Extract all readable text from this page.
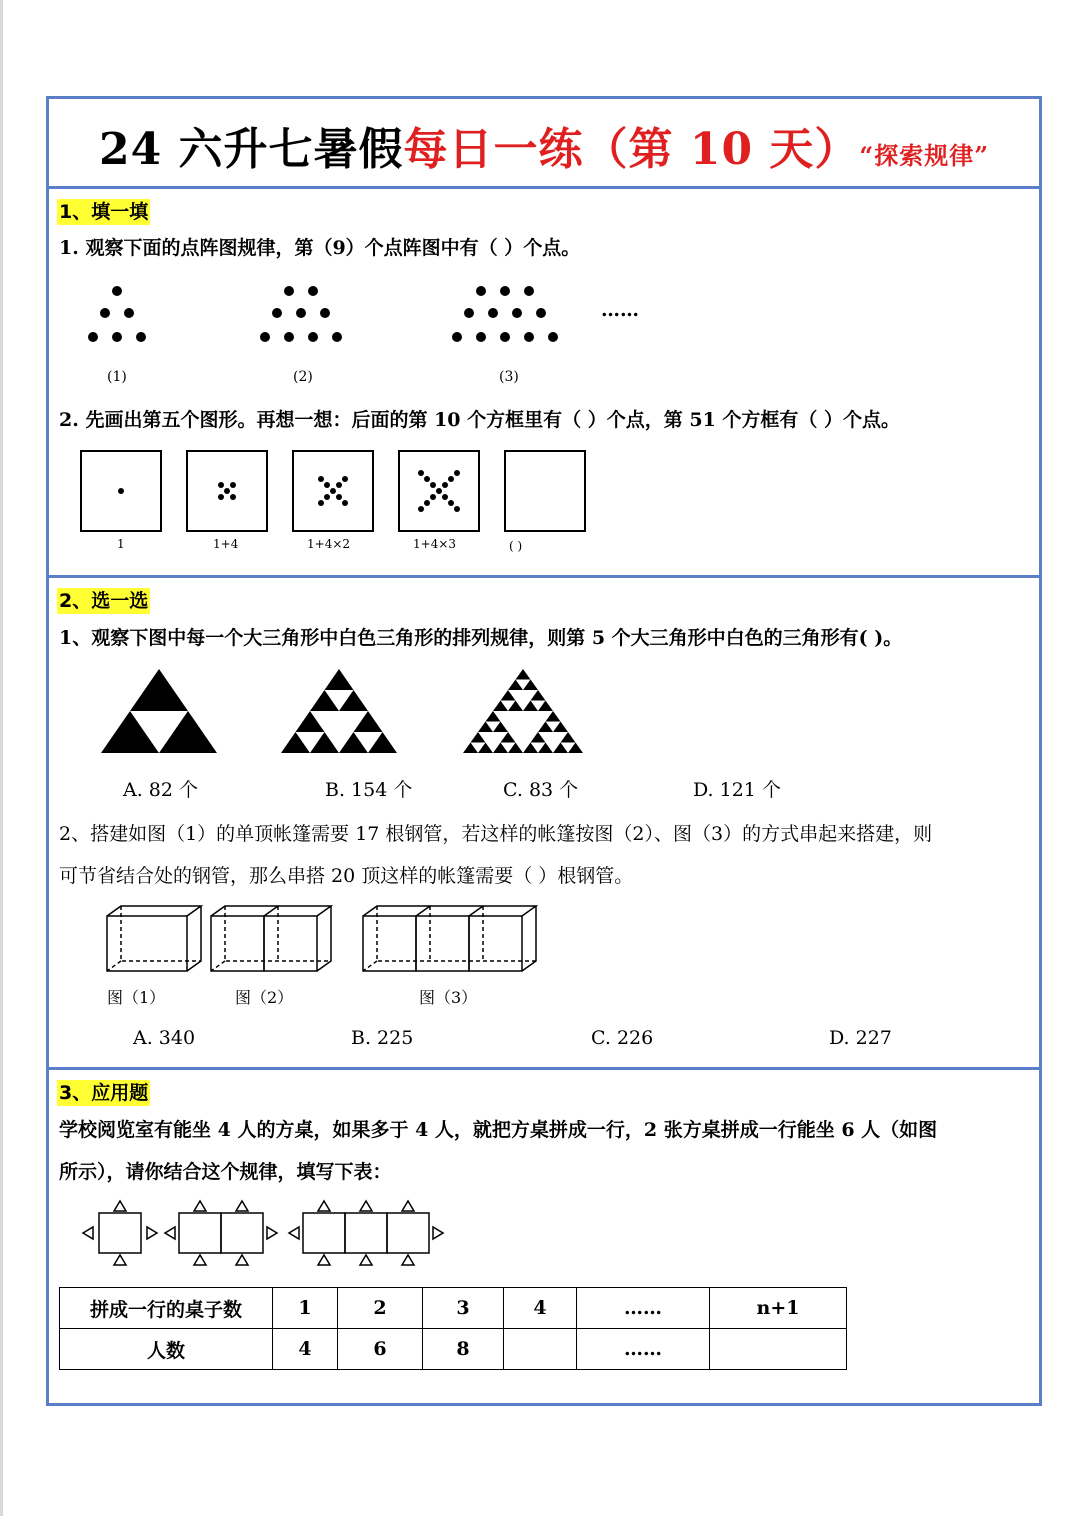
24 六升七暑假每日一练（第 10 天）“探索规律”
1、填一填
1. 观察下面的点阵图规律，第（9）个点阵图中有（ ）个点。
(1)	(2)	(3)
……
2. 先画出第五个图形。再想一想：后面的第 10 个方框里有（ ）个点，第 51 个方框有（ ）个点。
1	1+4	1+4×2	1+4×3	( )
2、选一选
1、观察下图中每一个大三角形中白色三角形的排列规律，则第 5 个大三角形中白色的三角形有( )。
A. 82 个	B. 154 个	C. 83 个	D. 121 个
2、搭建如图（1）的单顶帐篷需要 17 根钢管，若这样的帐篷按图（2）、图（3）的方式串起来搭建，则
可节省结合处的钢管，那么串搭 20 顶这样的帐篷需要（ ）根钢管。
图（1）	图（2）	图（3）
A. 340	B. 225	C. 226	D. 227
3、应用题
学校阅览室有能坐 4 人的方桌，如果多于 4 人，就把方桌拼成一行，2 张方桌拼成一行能坐 6 人（如图
所示），请你结合这个规律，填写下表：
拼成一行的桌子数	1	2	3	4	……	n+1
人数	4	6	8		……	
